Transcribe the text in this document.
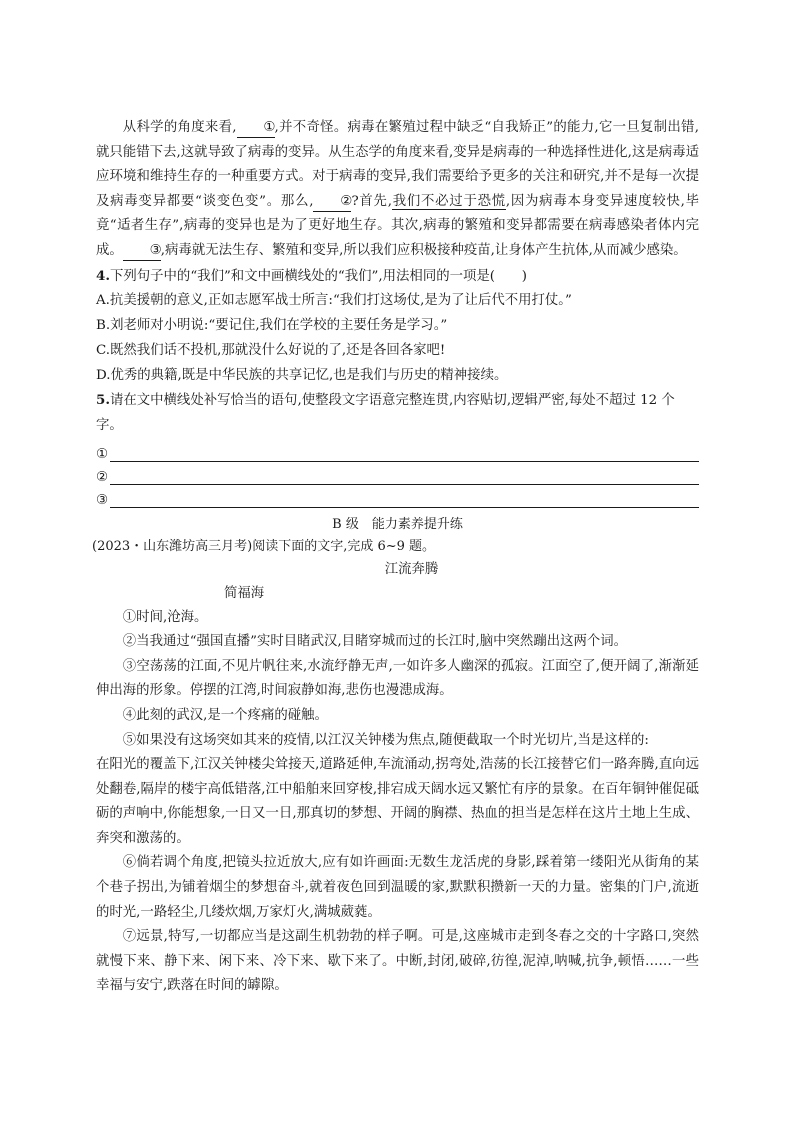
从科学的角度来看, ①,并不奇怪。病毒在繁殖过程中缺乏“自我矫正”的能力,它一旦复制出错,就只能错下去,这就导致了病毒的变异。从生态学的角度来看,变异是病毒的一种选择性进化,这是病毒适应环境和维持生存的一种重要方式。对于病毒的变异,我们需要给予更多的关注和研究,并不是每一次提及病毒变异都要“谈变色变”。那么, ②?首先,我们不必过于恐慌,因为病毒本身变异速度较快,毕竟“适者生存”,病毒的变异也是为了更好地生存。其次,病毒的繁殖和变异都需要在病毒感染者体内完成。 ③,病毒就无法生存、繁殖和变异,所以我们应积极接种疫苗,让身体产生抗体,从而减少感染。

4.下列句子中的“我们”和文中画横线处的“我们”,用法相同的一项是(　　)

A.抗美援朝的意义,正如志愿军战士所言:“我们打这场仗,是为了让后代不用打仗。”

B.刘老师对小明说:“要记住,我们在学校的主要任务是学习。”

C.既然我们话不投机,那就没什么好说的了,还是各回各家吧!

D.优秀的典籍,既是中华民族的共享记忆,也是我们与历史的精神接续。

5.请在文中横线处补写恰当的语句,使整段文字语意完整连贯,内容贴切,逻辑严密,每处不超过 12 个字。

①
②
③

B 级　能力素养提升练

(2023・山东潍坊高三月考)阅读下面的文字,完成 6~9 题。

江流奔腾

简福海

①时间,沧海。

②当我通过“强国直播”实时目睹武汉,目睹穿城而过的长江时,脑中突然蹦出这两个词。

③空荡荡的江面,不见片帆往来,水流纾静无声,一如许多人幽深的孤寂。江面空了,便开阔了,渐渐延伸出海的形象。停摆的江湾,时间寂静如海,悲伤也漫漶成海。

④此刻的武汉,是一个疼痛的碰触。

⑤如果没有这场突如其来的疫情,以江汉关钟楼为焦点,随便截取一个时光切片,当是这样的:

在阳光的覆盖下,江汉关钟楼尖耸接天,道路延伸,车流涌动,拐弯处,浩荡的长江接替它们一路奔腾,直向远处翻卷,隔岸的楼宇高低错落,江中船舶来回穿梭,排宕成天阔水远又繁忙有序的景象。在百年铜钟催促砥砺的声响中,你能想象,一日又一日,那真切的梦想、开阔的胸襟、热血的担当是怎样在这片土地上生成、奔突和激荡的。

⑥倘若调个角度,把镜头拉近放大,应有如许画面:无数生龙活虎的身影,踩着第一缕阳光从街角的某个巷子拐出,为铺着烟尘的梦想奋斗,就着夜色回到温暖的家,默默积攒新一天的力量。密集的门户,流逝的时光,一路轻尘,几缕炊烟,万家灯火,满城葳蕤。

⑦远景,特写,一切都应当是这副生机勃勃的样子啊。可是,这座城市走到冬春之交的十字路口,突然就慢下来、静下来、闲下来、冷下来、歇下来了。中断,封闭,破碎,彷徨,泥淖,呐喊,抗争,顿悟……一些幸福与安宁,跌落在时间的罅隙。
